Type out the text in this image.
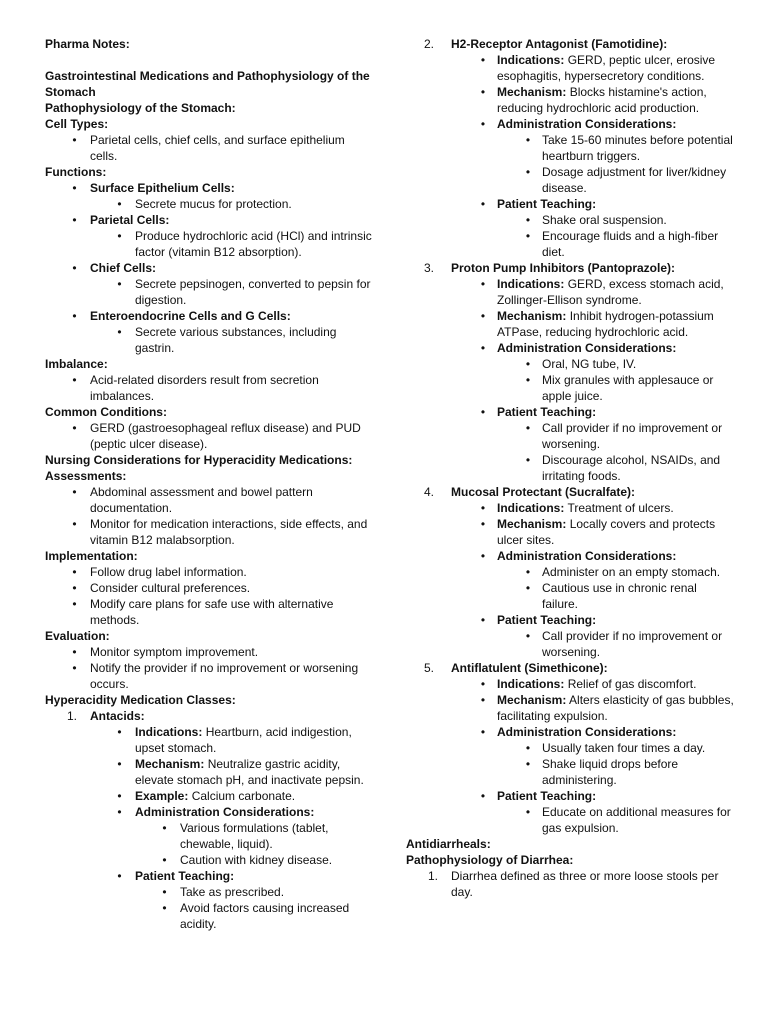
Pharma Notes:

Gastrointestinal Medications and Pathophysiology of the Stomach

Pathophysiology of the Stomach:

Cell Types:

•	Parietal cells, chief cells, and surface epithelium cells.

Functions:

•	Surface Epithelium Cells:
•	Secrete mucus for protection.
•	Parietal Cells:
•	Produce hydrochloric acid (HCl) and intrinsic factor (vitamin B12 absorption).
•	Chief Cells:
•	Secrete pepsinogen, converted to pepsin for digestion.
•	Enteroendocrine Cells and G Cells:
•	Secrete various substances, including gastrin.

Imbalance:

•	Acid-related disorders result from secretion imbalances.

Common Conditions:

•	GERD (gastroesophageal reflux disease) and PUD (peptic ulcer disease).

Nursing Considerations for Hyperacidity Medications:

Assessments:

•	Abdominal assessment and bowel pattern documentation.
•	Monitor for medication interactions, side effects, and vitamin B12 malabsorption.

Implementation:

•	Follow drug label information.
•	Consider cultural preferences.
•	Modify care plans for safe use with alternative methods.

Evaluation:

•	Monitor symptom improvement.
•	Notify the provider if no improvement or worsening occurs.

Hyperacidity Medication Classes:

1.	Antacids:
•	Indications: Heartburn, acid indigestion, upset stomach.
•	Mechanism: Neutralize gastric acidity, elevate stomach pH, and inactivate pepsin.
•	Example: Calcium carbonate.
•	Administration Considerations:
•	Various formulations (tablet, chewable, liquid).
•	Caution with kidney disease.
•	Patient Teaching:
•	Take as prescribed.
•	Avoid factors causing increased acidity.
2.	H2-Receptor Antagonist (Famotidine):
• Indications: GERD, peptic ulcer, erosive esophagitis, hypersecretory conditions.
• Mechanism: Blocks histamine's action, reducing hydrochloric acid production.
• Administration Considerations:
• Take 15-60 minutes before potential heartburn triggers.
• Dosage adjustment for liver/kidney disease.
• Patient Teaching:
• Shake oral suspension.
• Encourage fluids and a high-fiber diet.
3.	Proton Pump Inhibitors (Pantoprazole):
• Indications: GERD, excess stomach acid, Zollinger-Ellison syndrome.
• Mechanism: Inhibit hydrogen-potassium ATPase, reducing hydrochloric acid.
• Administration Considerations:
• Oral, NG tube, IV.
• Mix granules with applesauce or apple juice.
• Patient Teaching:
• Call provider if no improvement or worsening.
• Discourage alcohol, NSAIDs, and irritating foods.
4.	Mucosal Protectant (Sucralfate):
• Indications: Treatment of ulcers.
• Mechanism: Locally covers and protects ulcer sites.
• Administration Considerations:
• Administer on an empty stomach.
• Cautious use in chronic renal failure.
• Patient Teaching:
• Call provider if no improvement or worsening.
5.	Antiflatulent (Simethicone):
• Indications: Relief of gas discomfort.
• Mechanism: Alters elasticity of gas bubbles, facilitating expulsion.
• Administration Considerations:
• Usually taken four times a day.
• Shake liquid drops before administering.
• Patient Teaching:
• Educate on additional measures for gas expulsion.

Antidiarrheals:

Pathophysiology of Diarrhea:

1.	Diarrhea defined as three or more loose stools per day.
